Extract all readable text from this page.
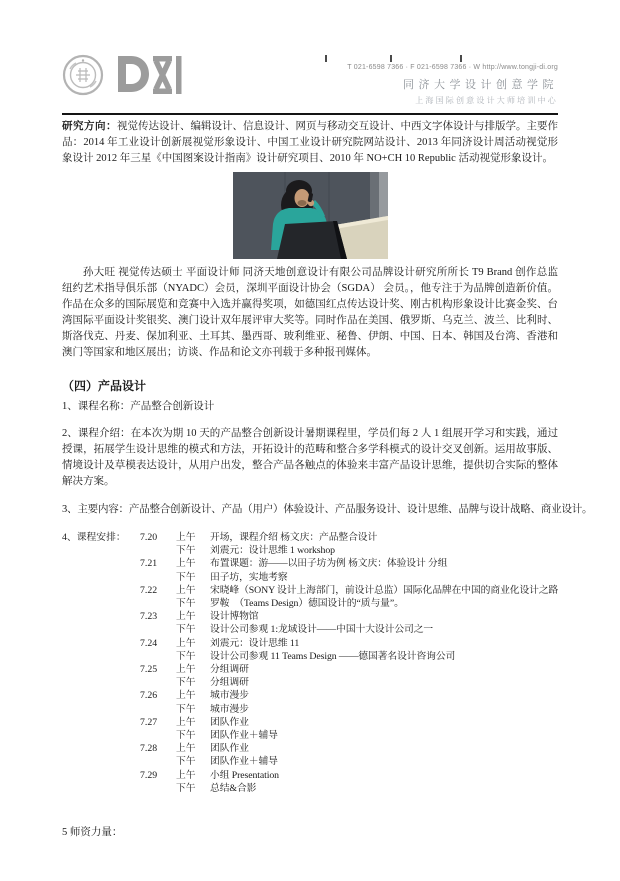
T 021-6598 7366 · F 021-6598 7366 · W http://www.tongji-di.org
同济大学设计创意学院
上海国际创意设计大师培训中心

研究方向：视觉传达设计、编辑设计、信息设计、网页与移动交互设计、中西文字体设计与排版学。主要作品：2014 年工业设计创新展视觉形象设计、中国工业设计研究院网站设计、2013 年同济设计周活动视觉形象设计 2012 年三星《中国图案设计指南》设计研究项目、2010 年 NO+CH 10 Republic 活动视觉形象设计。

孙大旺 视觉传达硕士 平面设计师 同济天地创意设计有限公司品牌设计研究所所长 T9 Brand 创作总监 纽约艺术指导俱乐部（NYADC）会员，深圳平面设计协会（SGDA） 会员。，他专注于为品牌创造新价值。作品在众多的国际展览和竞赛中入选并赢得奖项，如德国红点传达设计奖、刚古机构形象设计比赛金奖、台湾国际平面设计奖银奖、澳门设计双年展评审大奖等。同时作品在美国、俄罗斯、乌克兰、波兰、比利时、斯洛伐克、丹麦、保加利亚、土耳其、墨西哥、玻利维亚、秘鲁、伊朗、中国、日本、韩国及台湾、香港和澳门等国家和地区展出；访谈、作品和论文亦刊载于多种报刊媒体。

（四）产品设计

1、课程名称：产品整合创新设计

2、课程介绍：在本次为期 10 天的产品整合创新设计暑期课程里，学员们每 2 人 1 组展开学习和实践，通过授课，拓展学生设计思维的模式和方法，开拓设计的范畴和整合多学科模式的设计交叉创新。运用故事版、情境设计及草模表达设计，从用户出发，整合产品各触点的体验来丰富产品设计思维，提供切合实际的整体解决方案。

3、主要内容：产品整合创新设计、产品（用户）体验设计、产品服务设计、设计思维、品牌与设计战略、商业设计。

4、课程安排： 7.20	上午	开场，课程介绍 杨文庆：产品整合设计
下午	刘震元：设计思维 1 workshop
7.21	上午	布置课题：游——以田子坊为例 杨文庆：体验设计 分组
下午	田子坊，实地考察
7.22	上午	宋晓峰（SONY 设计上海部门，前设计总监）国际化品牌在中国的商业化设计之路
下午	罗鞍　（Teams Design）德国设计的“质与量”。
7.23	上午	设计博物馆
下午	设计公司参观 1:龙域设计——中国十大设计公司之一
7.24	上午	刘震元：设计思维 11
下午	设计公司参观 11 Teams Design ——德国著名设计咨询公司
7.25	上午	分组调研
下午	分组调研
7.26	上午	城市漫步
下午	城市漫步
7.27	上午	团队作业
下午	团队作业＋辅导
7.28	上午	团队作业
下午	团队作业＋辅导
7.29	上午	小组 Presentation
下午	总结&合影

5 师资力量：
